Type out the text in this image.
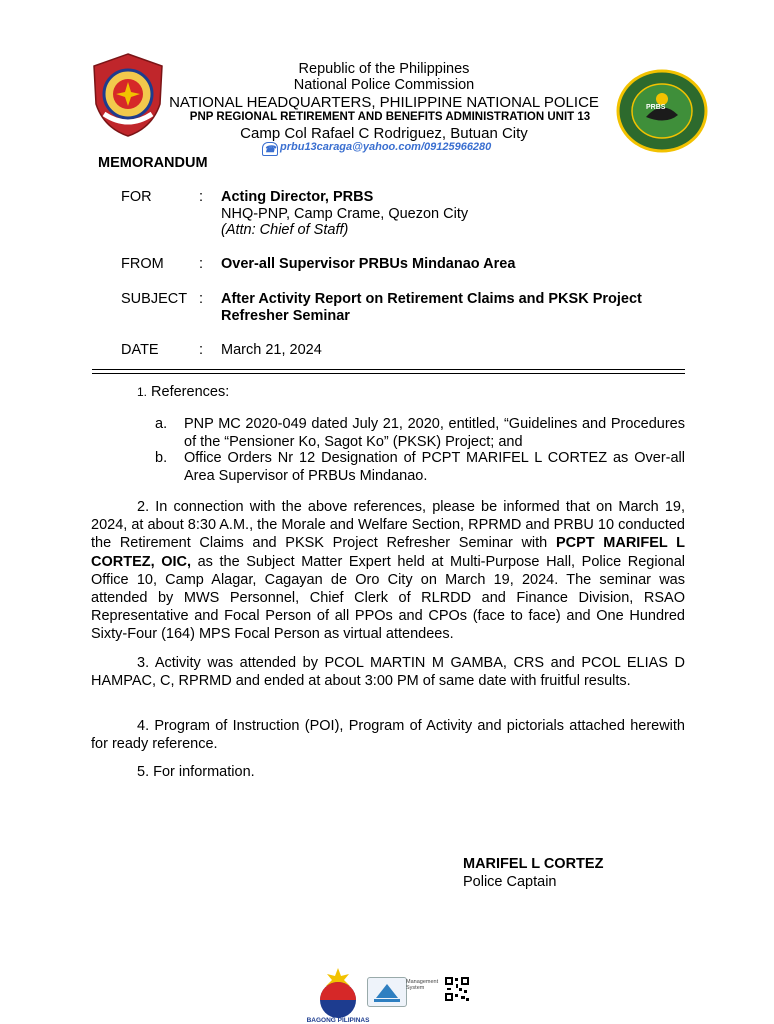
PRBS
Republic of the Philippines
National Police Commission
NATIONAL HEADQUARTERS, PHILIPPINE NATIONAL POLICE
PNP REGIONAL RETIREMENT AND BENEFITS ADMINISTRATION UNIT 13
Camp Col Rafael C Rodriguez, Butuan City
☎ prbu13caraga@yahoo.com/09125966280
MEMORANDUM
FOR	: Acting Director, PRBS
NHQ-PNP, Camp Crame, Quezon City
(Attn: Chief of Staff)
FROM : Over-all Supervisor PRBUs Mindanao Area
SUBJECT : After Activity Report on Retirement Claims and PKSK Project
Refresher Seminar
DATE	: March 21, 2024
1. References:
a. PNP MC 2020-049 dated July 21, 2020, entitled, “Guidelines and Procedures of the “Pensioner Ko, Sagot Ko” (PKSK) Project; and
b. Office Orders Nr 12 Designation of PCPT MARIFEL L CORTEZ as Over-all Area Supervisor of PRBUs Mindanao.
2. In connection with the above references, please be informed that on March 19, 2024, at about 8:30 A.M., the Morale and Welfare Section, RPRMD and PRBU 10 conducted the Retirement Claims and PKSK Project Refresher Seminar with PCPT MARIFEL L CORTEZ, OIC, as the Subject Matter Expert held at Multi-Purpose Hall, Police Regional Office 10, Camp Alagar, Cagayan de Oro City on March 19, 2024. The seminar was attended by MWS Personnel, Chief Clerk of RLRDD and Finance Division, RSAO Representative and Focal Person of all PPOs and CPOs (face to face) and One Hundred Sixty-Four (164) MPS Focal Person as virtual attendees.
3. Activity was attended by PCOL MARTIN M GAMBA, CRS and PCOL ELIAS D HAMPAC, C, RPRMD and ended at about 3:00 PM of same date with fruitful results.
4. Program of Instruction (POI), Program of Activity and pictorials attached herewith for ready reference.
5. For information.
MARIFEL L CORTEZ
Police Captain
BAGONG PILIPINAS
Management System
